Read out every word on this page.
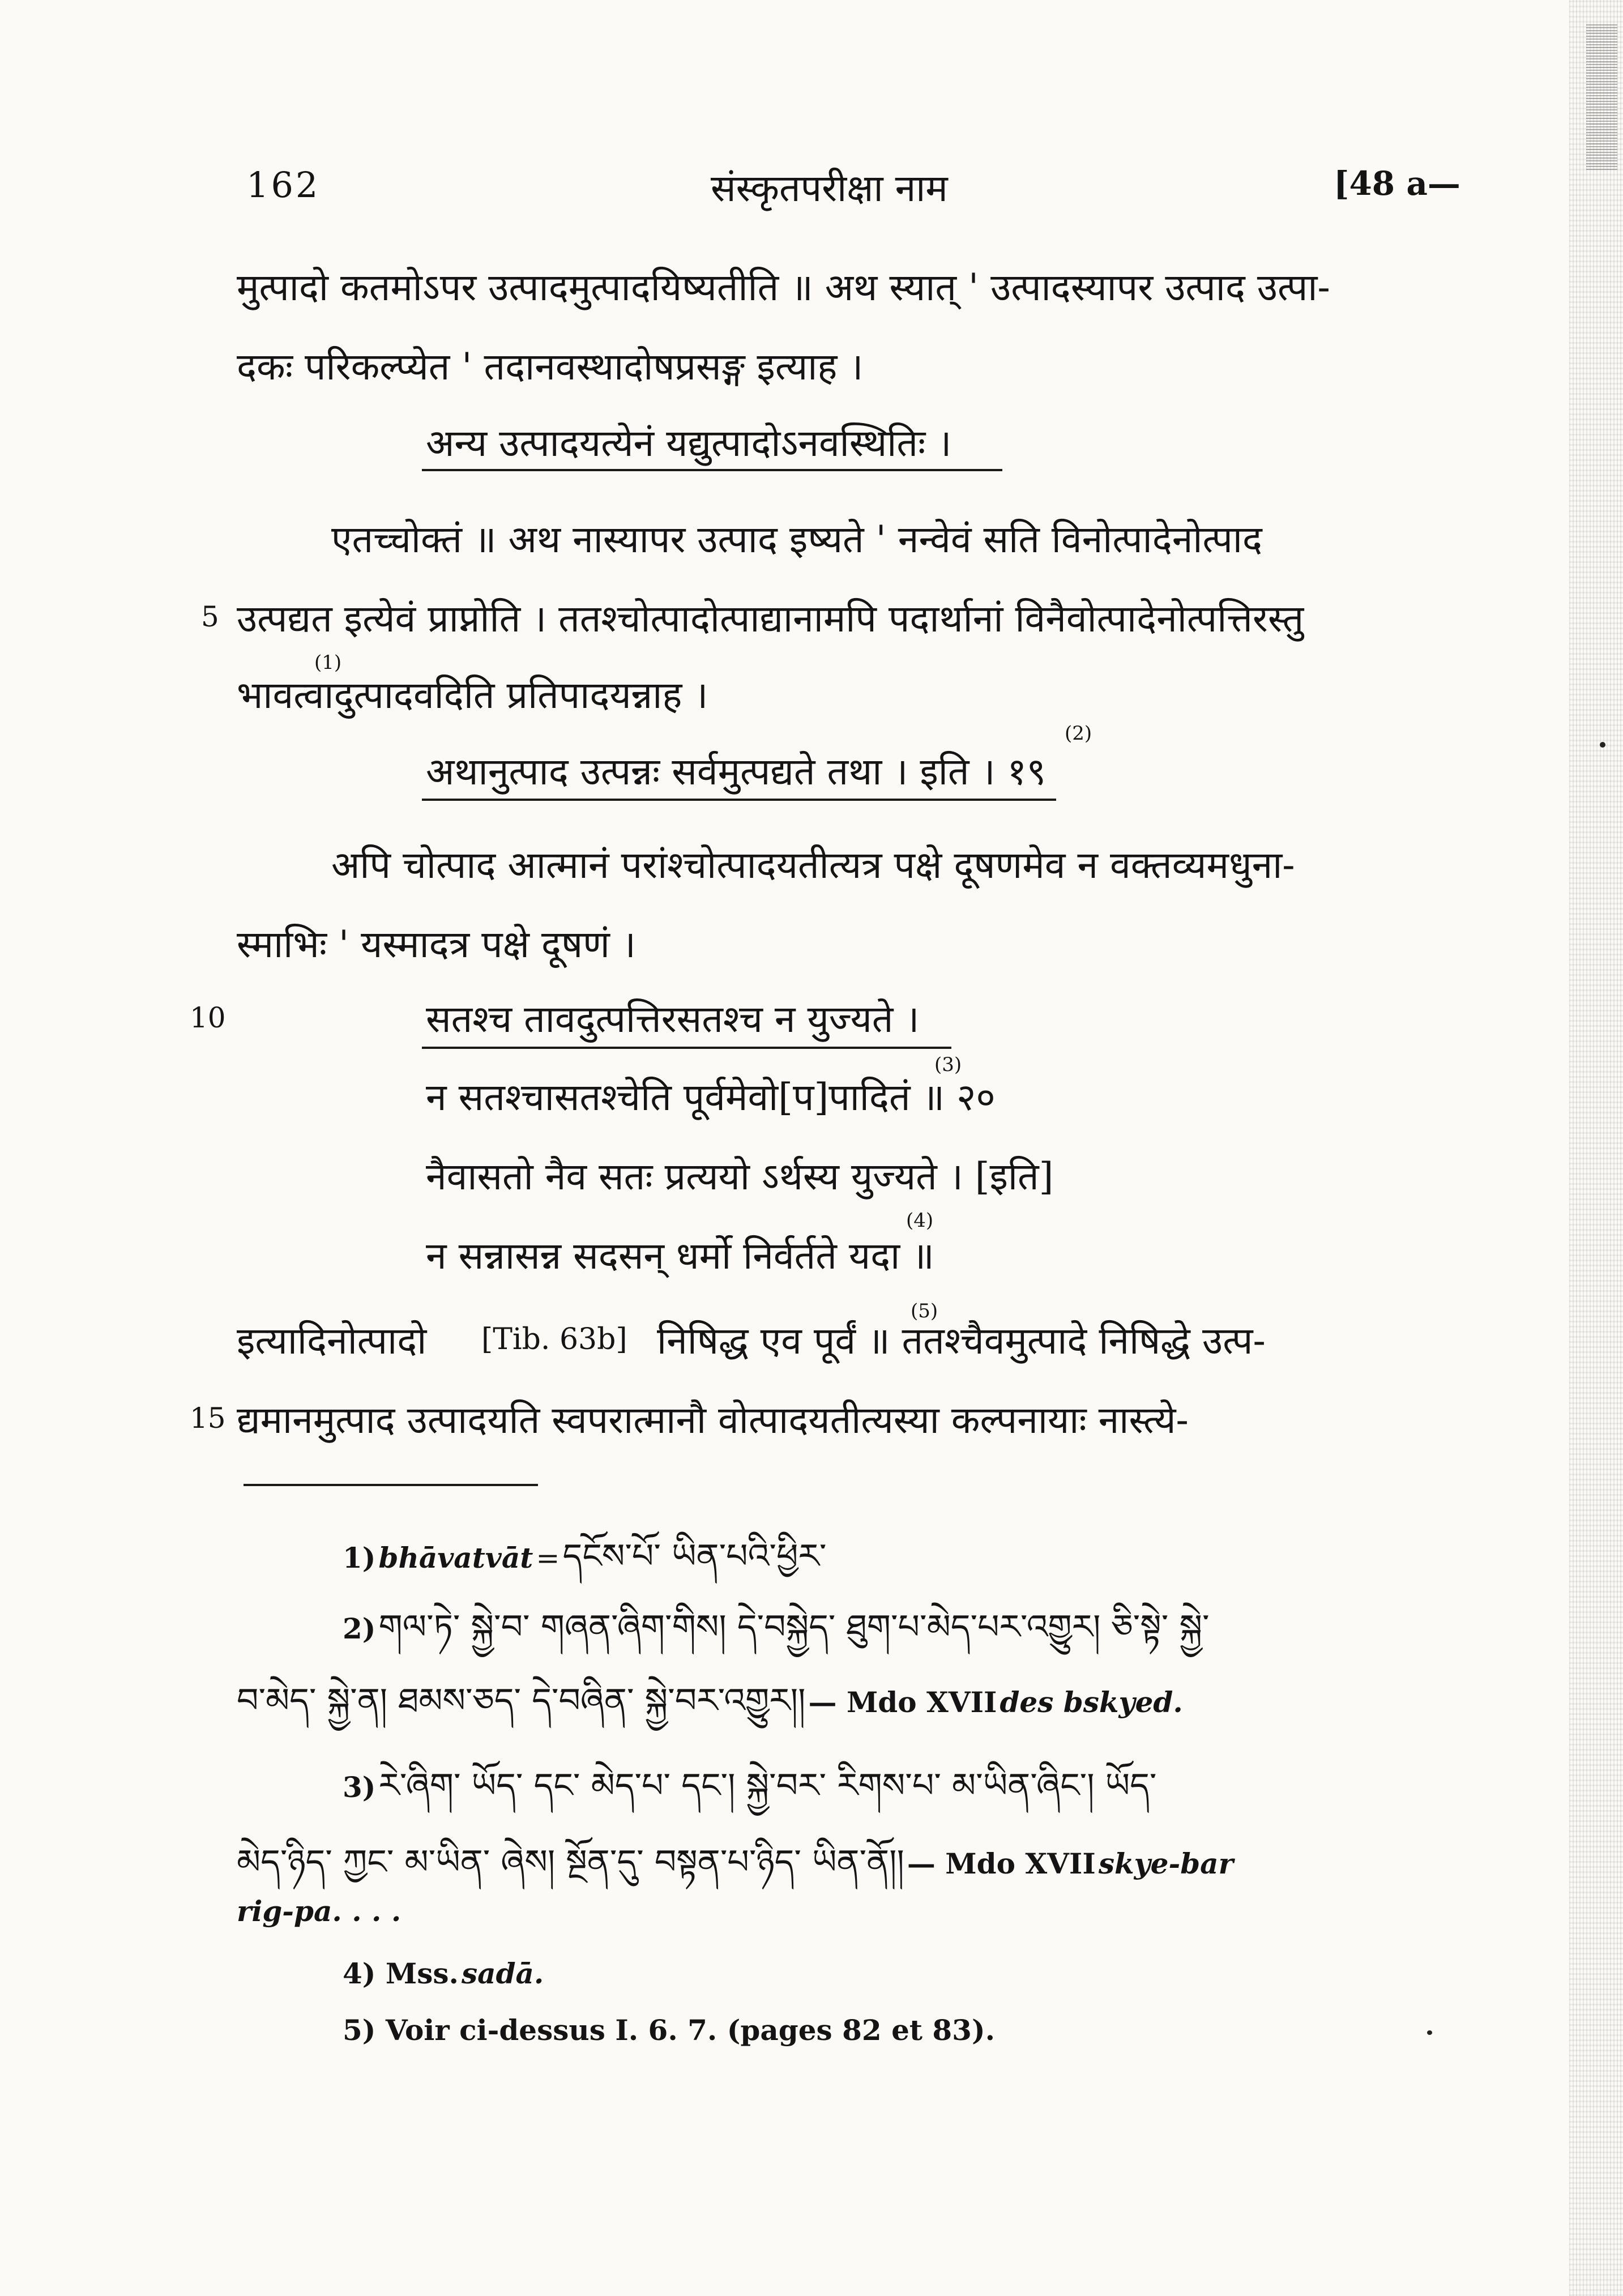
162	संस्कृतपरीक्षा नाम	[48 a—
मुत्पादो कतमोऽपर उत्पादमुत्पादयिष्यतीति ॥ अथ स्यात् ' उत्पादस्यापर उत्पाद उत्पा-
दकः परिकल्प्येत ' तदानवस्थादोषप्रसङ्ग इत्याह ।
अन्य उत्पादयत्येनं यद्युत्पादोऽनवस्थितिः ।
एतच्चोक्तं ॥ अथ नास्यापर उत्पाद इष्यते ' नन्वेवं सति विनोत्पादेनोत्पाद
5 उत्पद्यत इत्येवं प्राप्नोति । ततश्चोत्पादोत्पाद्यानामपि पदार्थानां विनैवोत्पादेनोत्पत्तिरस्तु
(1)
भावत्वादुत्पादवदिति प्रतिपादयन्नाह ।
अथानुत्पाद उत्पन्नः सर्वमुत्पद्यते तथा । इति । १९
(2)
अपि चोत्पाद आत्मानं परांश्चोत्पादयतीत्यत्र पक्षे दूषणमेव न वक्तव्यमधुना-
स्माभिः ' यस्मादत्र पक्षे दूषणं ।
10	सतश्च तावदुत्पत्तिरसतश्च न युज्यते ।
(3)
न सतश्चासतश्चेति पूर्वमेवो[प]पादितं ॥ २०
नैवासतो नैव सतः प्रत्ययो ऽर्थस्य युज्यते । [इति]
(4)
न सन्नासन्न सदसन् धर्मो निर्वर्तते यदा ॥
इत्यादिनोत्पादो [Tib. 63b]
(5)
निषिद्ध एव पूर्वं ॥ ततश्चैवमुत्पादे निषिद्धे उत्प-
15 द्यमानमुत्पाद उत्पादयति स्वपरात्मानौ वोत्पादयतीत्यस्या कल्पनायाः नास्त्ये-
1) bhāvatvāt = དངོས་པོ་ ཡིན་པའི་ཕྱིར་
2) གལ་ཏེ་ སྐྱེ་བ་ གཞན་ཞིག་གིས། དེ་བསྐྱེད་ ཐུག་པ་མེད་པར་འགྱུར། ཅི་སྟེ་ སྐྱེ་
བ་མེད་ སྐྱེ་ན། ཐམས་ཅད་ དེ་བཞིན་ སྐྱེ་བར་འགྱུར།། — Mdo XVII des bskyed.
3) རེ་ཞིག་ ཡོད་ དང་ མེད་པ་ དང་། སྐྱེ་བར་ རིགས་པ་ མ་ཡིན་ཞིང་། ཡོད་
མེད་ཉིད་ ཀྱང་ མ་ཡིན་ ཞེས། སྔོན་དུ་ བསྟན་པ་ཉིད་ ཡིན་ནོ།། — Mdo XVII skye-bar
rig-pa. . . .
4) Mss. sadā.
5) Voir ci-dessus I. 6. 7. (pages 82 et 83).
